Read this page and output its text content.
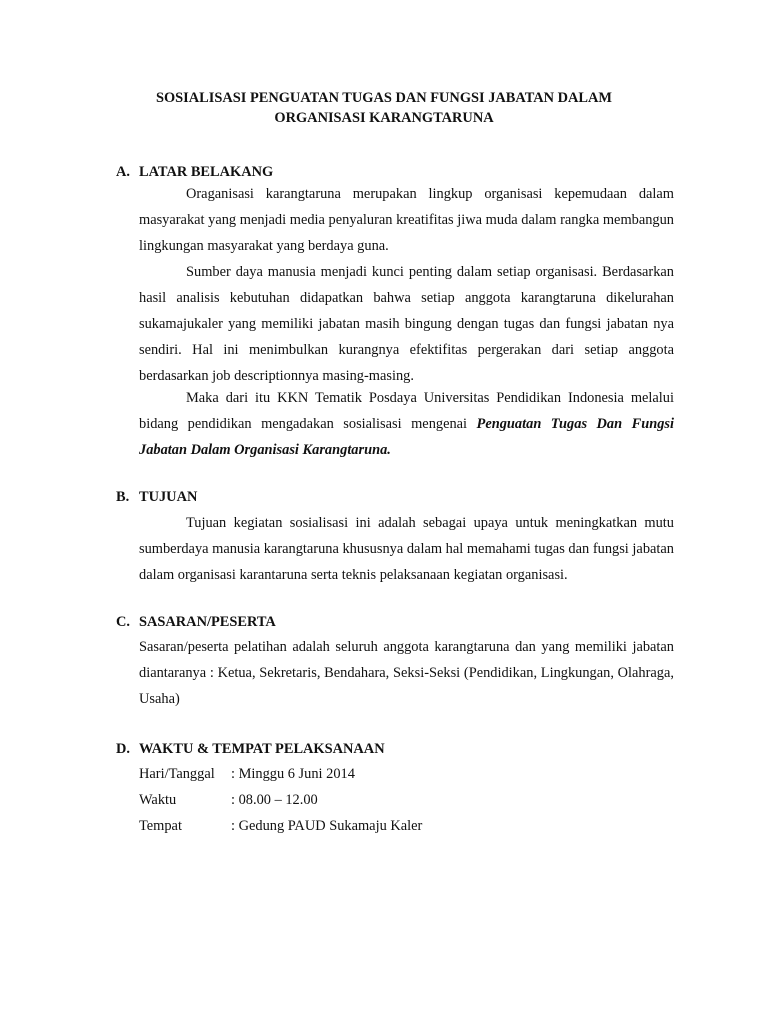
SOSIALISASI PENGUATAN TUGAS DAN FUNGSI JABATAN DALAM
ORGANISASI KARANGTARUNA
A. LATAR BELAKANG
Oraganisasi karangtaruna merupakan lingkup organisasi kepemudaan dalam masyarakat yang menjadi media penyaluran kreatifitas jiwa muda dalam rangka membangun lingkungan masyarakat yang berdaya guna.
Sumber daya manusia menjadi kunci penting dalam setiap organisasi. Berdasarkan hasil analisis kebutuhan didapatkan bahwa setiap anggota karangtaruna dikelurahan sukamajukaler yang memiliki jabatan masih bingung dengan tugas dan fungsi jabatan nya sendiri. Hal ini menimbulkan kurangnya efektifitas pergerakan dari setiap anggota berdasarkan job descriptionnya masing-masing.
Maka dari itu KKN Tematik Posdaya Universitas Pendidikan Indonesia melalui bidang pendidikan mengadakan sosialisasi mengenai Penguatan Tugas Dan Fungsi Jabatan Dalam Organisasi Karangtaruna.
B. TUJUAN
Tujuan kegiatan sosialisasi ini adalah sebagai upaya untuk meningkatkan mutu sumberdaya manusia karangtaruna khususnya dalam hal memahami tugas dan fungsi jabatan dalam organisasi karantaruna serta teknis pelaksanaan kegiatan organisasi.
C. SASARAN/PESERTA
Sasaran/peserta pelatihan adalah seluruh anggota karangtaruna dan yang memiliki jabatan diantaranya : Ketua, Sekretaris, Bendahara, Seksi-Seksi (Pendidikan, Lingkungan, Olahraga, Usaha)
D. WAKTU & TEMPAT PELAKSANAAN
Hari/Tanggal : Minggu 6 Juni 2014
Waktu	: 08.00 – 12.00
Tempat	: Gedung PAUD Sukamaju Kaler
